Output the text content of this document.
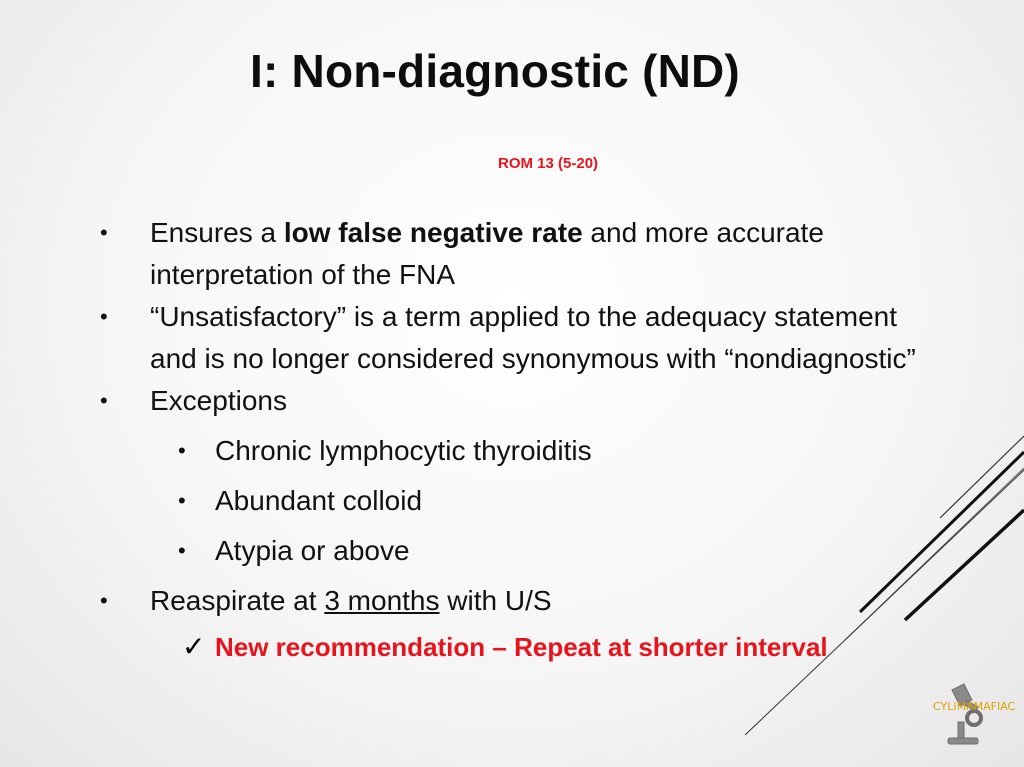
I: Non-diagnostic (ND)
ROM 13 (5-20)
• Ensures a low false negative rate and more accurate interpretation of the FNA
• “Unsatisfactory” is a term applied to the adequacy statement and is no longer considered synonymous with “nondiagnostic”
• Exceptions
• Chronic lymphocytic thyroiditis
• Abundant colloid
• Atypia or above
• Reaspirate at 3 months with U/S
✓ New recommendation – Repeat at shorter interval
CYLIMAMAFIAC
